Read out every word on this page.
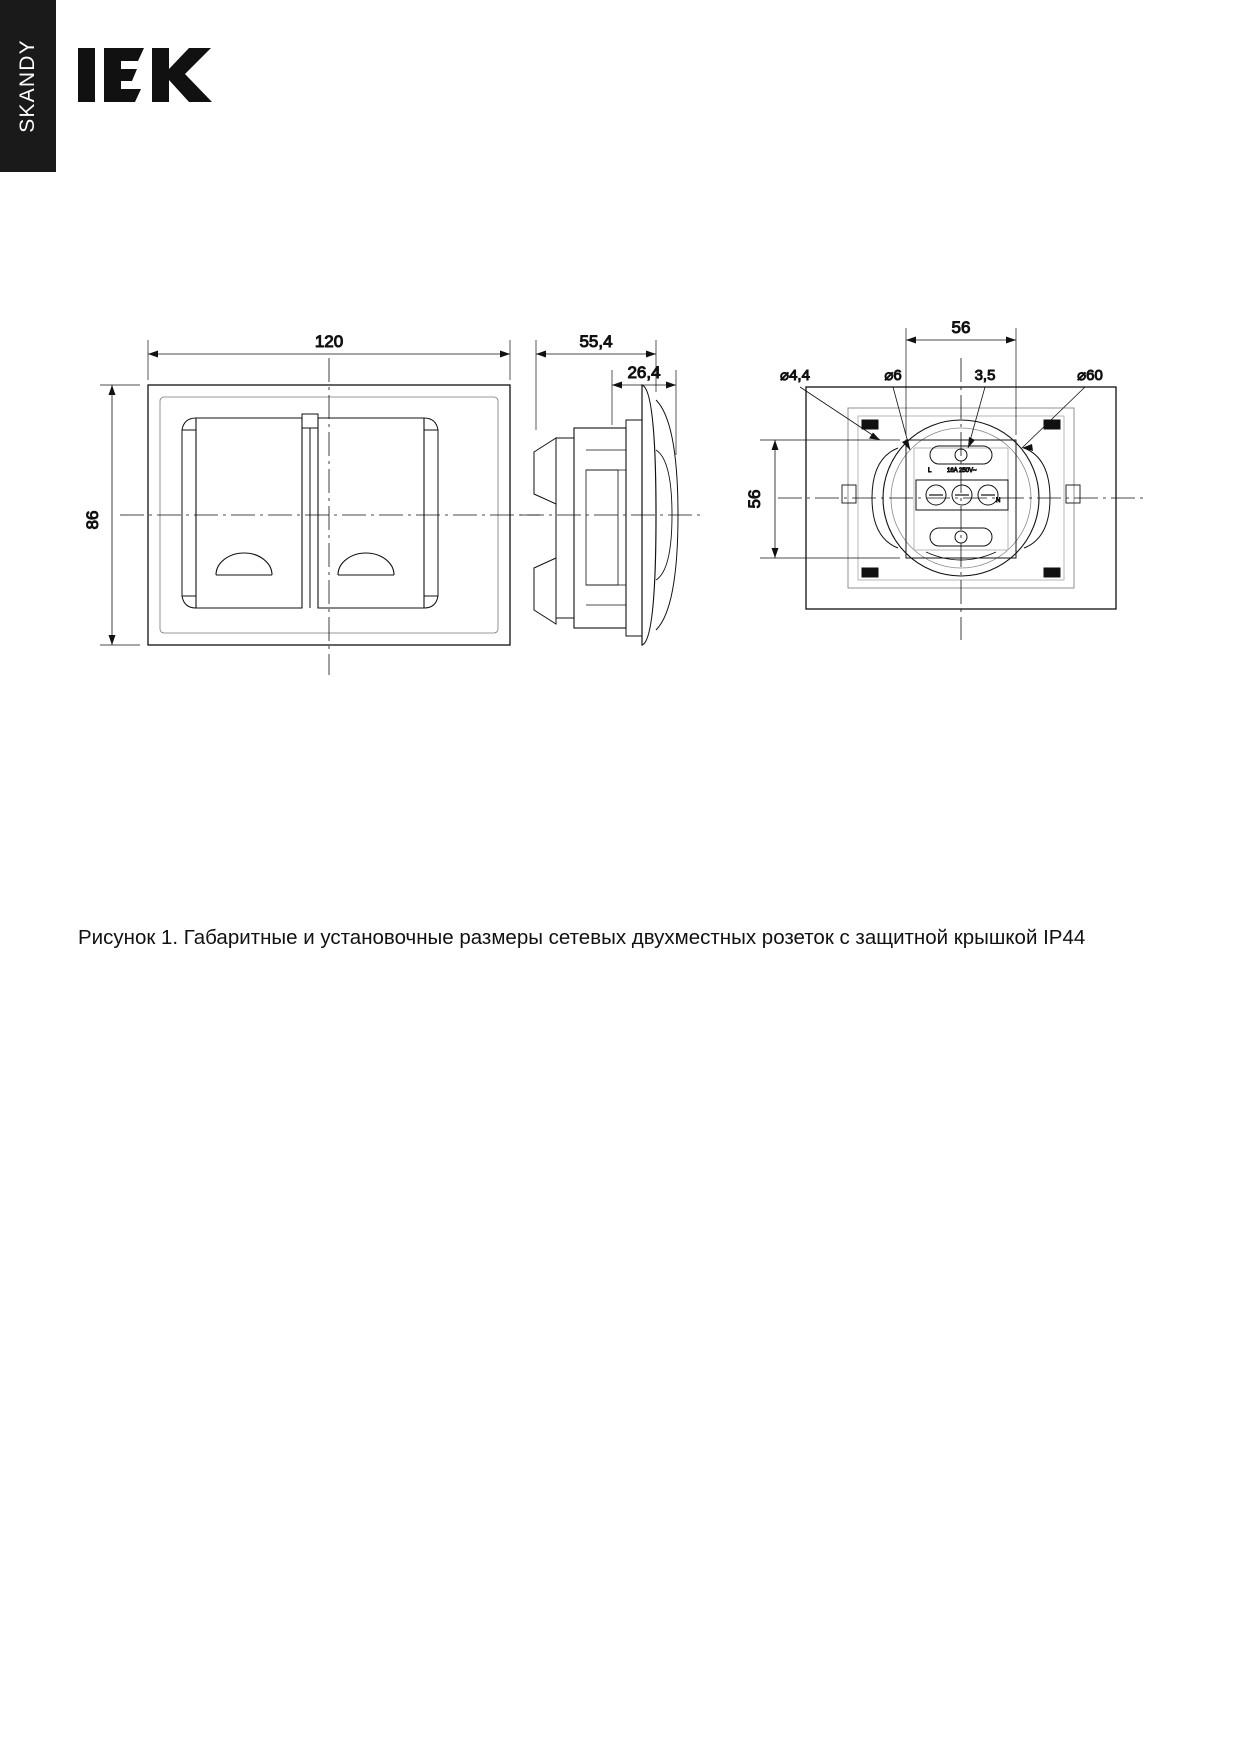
SKANDY
120
86
55,4
26,4
L	16A 250V~
N
56
56
⌀4,4	⌀6	3,5	⌀60
Рисунок 1. Габаритные и установочные размеры сетевых двухместных розеток с защитной крышкой IP44
